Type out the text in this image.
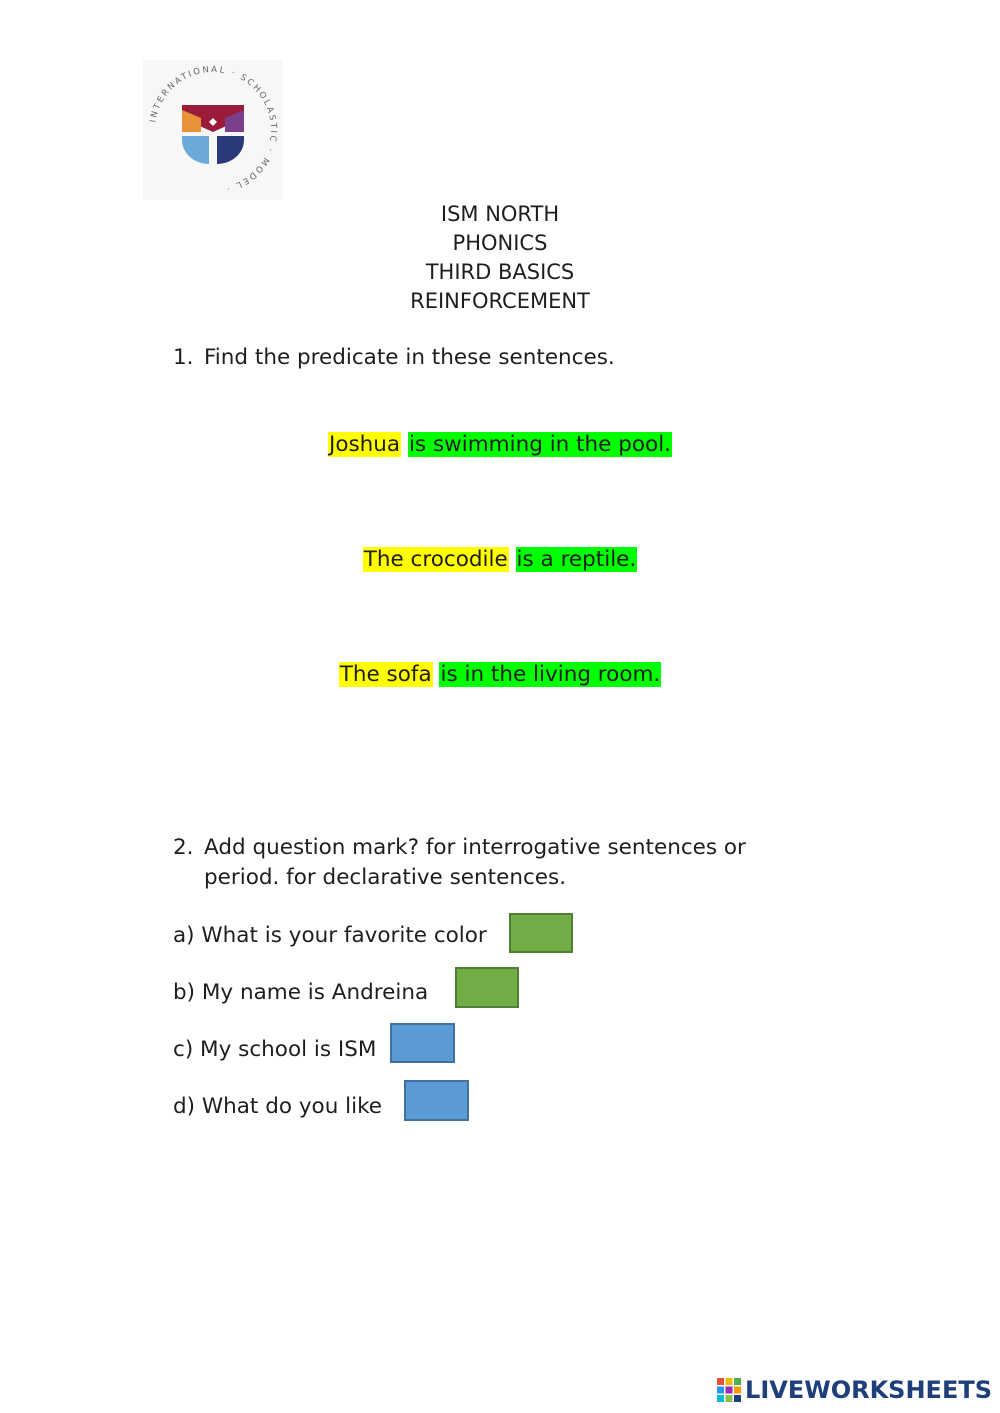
INTERNATIONAL · SCHOLASTIC · MODEL ·
ISM NORTH
PHONICS
THIRD BASICS
REINFORCEMENT
1. Find the predicate in these sentences.
Joshua is swimming in the pool.
The crocodile is a reptile.
The sofa is in the living room.
2. Add question mark? for interrogative sentences or
period. for declarative sentences.
a) What is your favorite color
b) My name is Andreina
c) My school is ISM
d) What do you like
LIVEWORKSHEETS
